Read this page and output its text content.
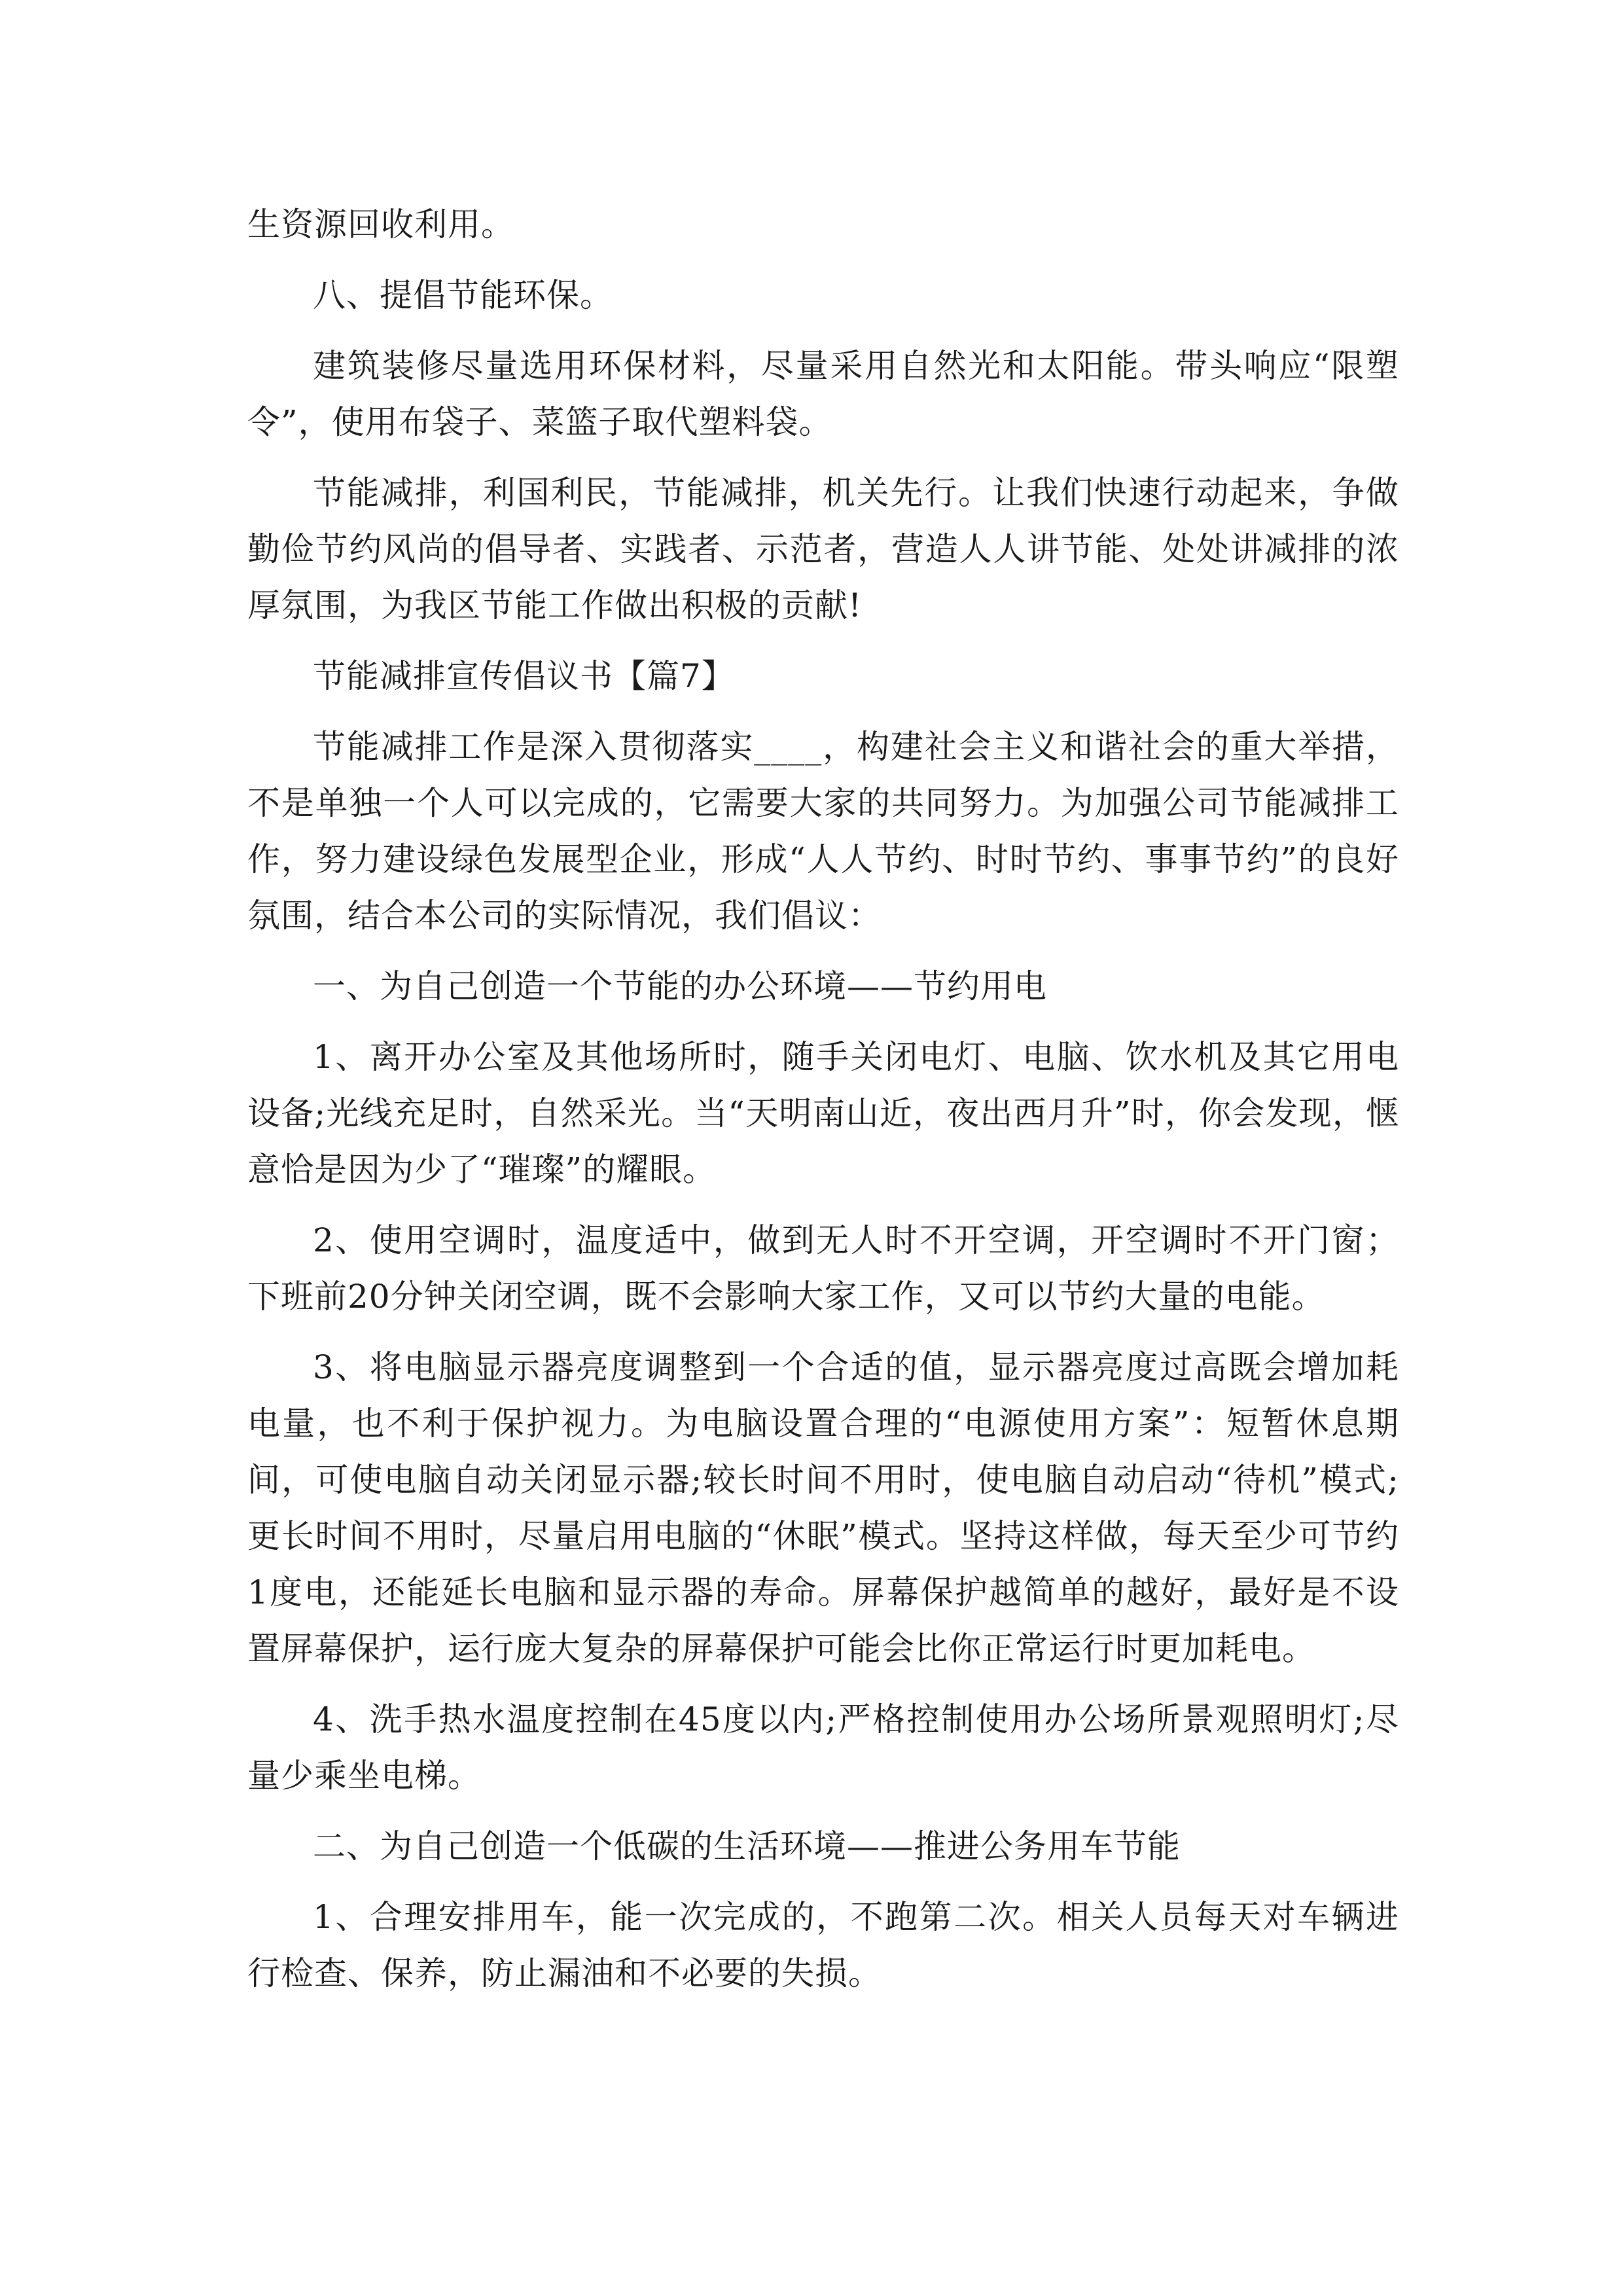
生资源回收利用。

八、提倡节能环保。

建筑装修尽量选用环保材料，尽量采用自然光和太阳能。带头响应“限塑令”，使用布袋子、菜篮子取代塑料袋。

节能减排，利国利民，节能减排，机关先行。让我们快速行动起来，争做勤俭节约风尚的倡导者、实践者、示范者，营造人人讲节能、处处讲减排的浓厚氛围，为我区节能工作做出积极的贡献!

节能减排宣传倡议书【篇7】

节能减排工作是深入贯彻落实____，构建社会主义和谐社会的重大举措，不是单独一个人可以完成的，它需要大家的共同努力。为加强公司节能减排工作，努力建设绿色发展型企业，形成“人人节约、时时节约、事事节约”的良好氛围，结合本公司的实际情况，我们倡议：

一、为自己创造一个节能的办公环境——节约用电

1、离开办公室及其他场所时，随手关闭电灯、电脑、饮水机及其它用电设备;光线充足时，自然采光。当“天明南山近，夜出西月升”时，你会发现，惬意恰是因为少了“璀璨”的耀眼。

2、使用空调时，温度适中，做到无人时不开空调，开空调时不开门窗；下班前20分钟关闭空调，既不会影响大家工作，又可以节约大量的电能。

3、将电脑显示器亮度调整到一个合适的值，显示器亮度过高既会增加耗电量，也不利于保护视力。为电脑设置合理的“电源使用方案”：短暂休息期间，可使电脑自动关闭显示器;较长时间不用时，使电脑自动启动“待机”模式;更长时间不用时，尽量启用电脑的“休眠”模式。坚持这样做，每天至少可节约1度电，还能延长电脑和显示器的寿命。屏幕保护越简单的越好，最好是不设置屏幕保护，运行庞大复杂的屏幕保护可能会比你正常运行时更加耗电。

4、洗手热水温度控制在45度以内;严格控制使用办公场所景观照明灯;尽量少乘坐电梯。

二、为自己创造一个低碳的生活环境——推进公务用车节能

1、合理安排用车，能一次完成的，不跑第二次。相关人员每天对车辆进行检查、保养，防止漏油和不必要的失损。
